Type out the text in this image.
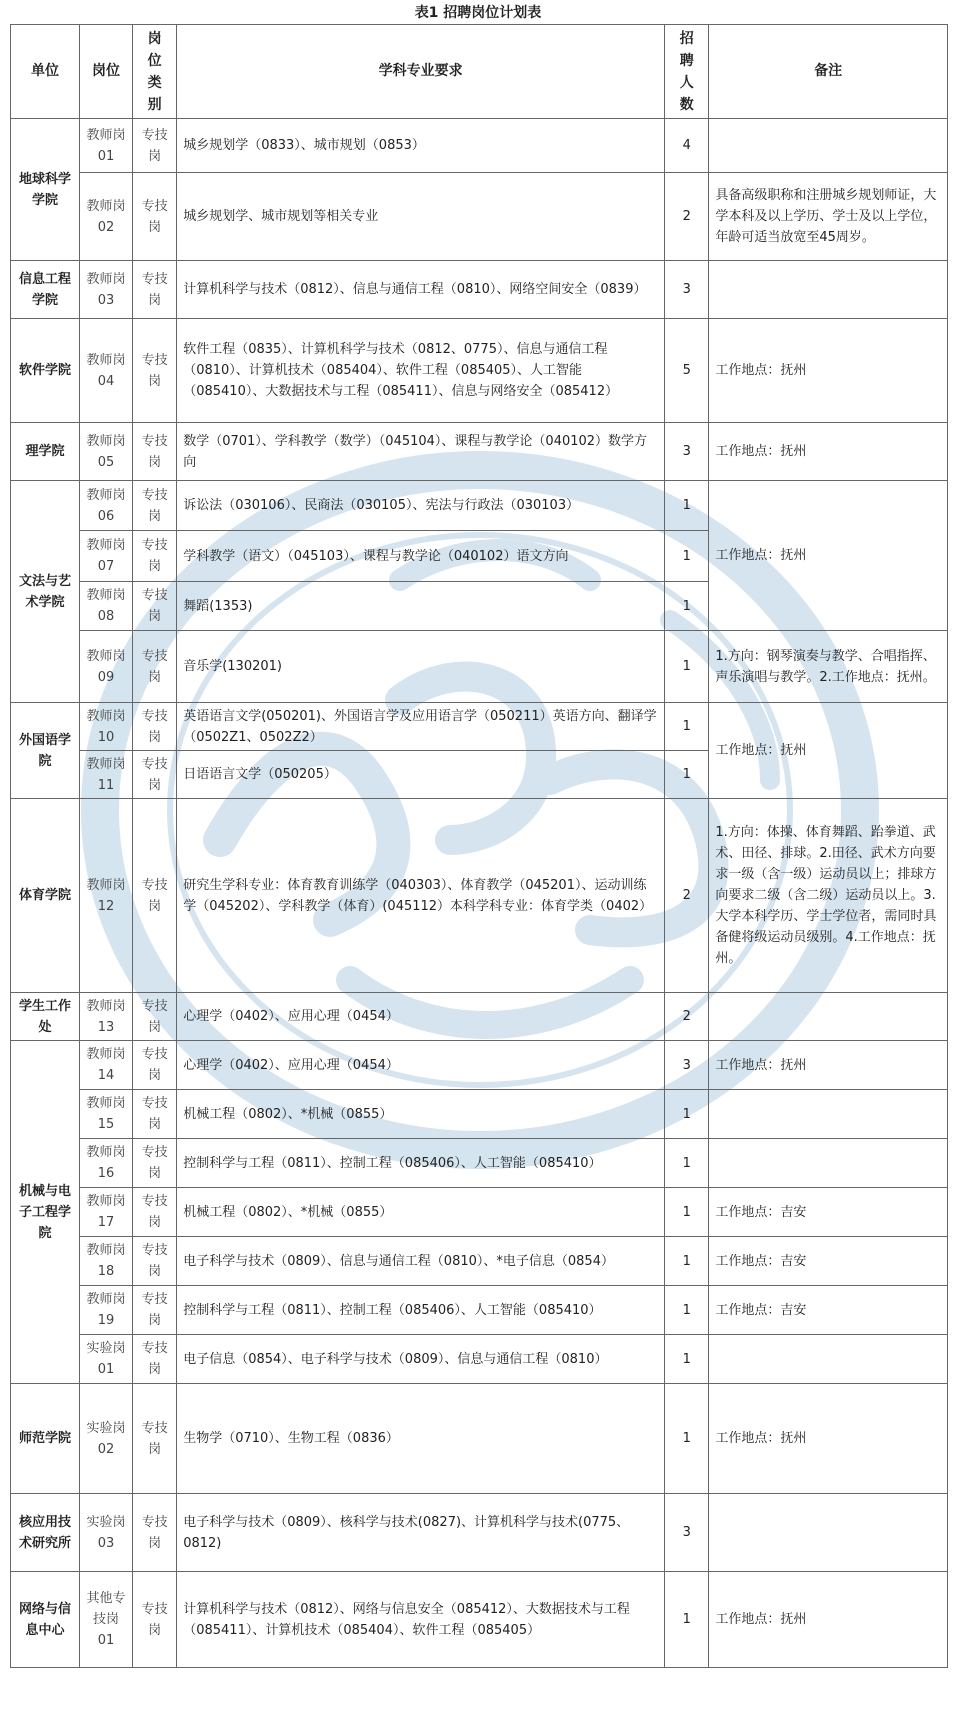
表1 招聘岗位计划表
单位	岗位	岗位类别	学科专业要求	招聘人数	备注
地球科学学院	教师岗01	专技岗	城乡规划学（0833）、城市规划（0853）	4	
	教师岗02	专技岗	城乡规划学、城市规划等相关专业	2	具备高级职称和注册城乡规划师证，大学本科及以上学历、学士及以上学位，年龄可适当放宽至45周岁。
信息工程学院	教师岗03	专技岗	计算机科学与技术（0812）、信息与通信工程（0810）、网络空间安全（0839）	3	
软件学院	教师岗04	专技岗	软件工程（0835）、计算机科学与技术（0812、0775）、信息与通信工程（0810）、计算机技术（085404）、软件工程（085405）、人工智能（085410）、大数据技术与工程（085411）、信息与网络安全（085412）	5	工作地点：抚州
理学院	教师岗05	专技岗	数学（0701）、学科教学（数学）（045104）、课程与教学论（040102）数学方向	3	工作地点：抚州
文法与艺术学院	教师岗06	专技岗	诉讼法（030106）、民商法（030105）、宪法与行政法（030103）	1	工作地点：抚州
	教师岗07	专技岗	学科教学（语文）（045103）、课程与教学论（040102）语文方向	1	
	教师岗08	专技岗	舞蹈(1353)	1	
	教师岗09	专技岗	音乐学(130201)	1	1.方向：钢琴演奏与教学、合唱指挥、声乐演唱与教学。2.工作地点：抚州。
外国语学院	教师岗10	专技岗	英语语言文学(050201)、外国语言学及应用语言学（050211）英语方向、翻译学（0502Z1、0502Z2）	1	工作地点：抚州
	教师岗11	专技岗	日语语言文学（050205）	1	
体育学院	教师岗12	专技岗	研究生学科专业：体育教育训练学（040303）、体育教学（045201）、运动训练学（045202）、学科教学（体育）(045112）本科学科专业：体育学类（0402）	2	1.方向：体操、体育舞蹈、跆拳道、武术、田径、排球。2.田径、武术方向要求一级（含一级）运动员以上；排球方向要求二级（含二级）运动员以上。3.大学本科学历、学士学位者，需同时具备健将级运动员级别。4.工作地点：抚州。
学生工作处	教师岗13	专技岗	心理学（0402）、应用心理（0454）	2	
机械与电子工程学院	教师岗14	专技岗	心理学（0402）、应用心理（0454）	3	工作地点：抚州
	教师岗15	专技岗	机械工程（0802）、*机械（0855）	1	
	教师岗16	专技岗	控制科学与工程（0811）、控制工程（085406）、人工智能（085410）	1	
	教师岗17	专技岗	机械工程（0802）、*机械（0855）	1	工作地点：吉安
	教师岗18	专技岗	电子科学与技术（0809）、信息与通信工程（0810）、*电子信息（0854）	1	工作地点：吉安
	教师岗19	专技岗	控制科学与工程（0811）、控制工程（085406）、人工智能（085410）	1	工作地点：吉安
	实验岗01	专技岗	电子信息（0854）、电子科学与技术（0809）、信息与通信工程（0810）	1	
师范学院	实验岗02	专技岗	生物学（0710）、生物工程（0836）	1	工作地点：抚州
核应用技术研究所	实验岗03	专技岗	电子科学与技术（0809）、核科学与技术(0827)、计算机科学与技术(0775、0812)	3	
网络与信息中心	其他专技岗01	专技岗	计算机科学与技术（0812）、网络与信息安全（085412）、大数据技术与工程（085411）、计算机技术（085404）、软件工程（085405）	1	工作地点：抚州
